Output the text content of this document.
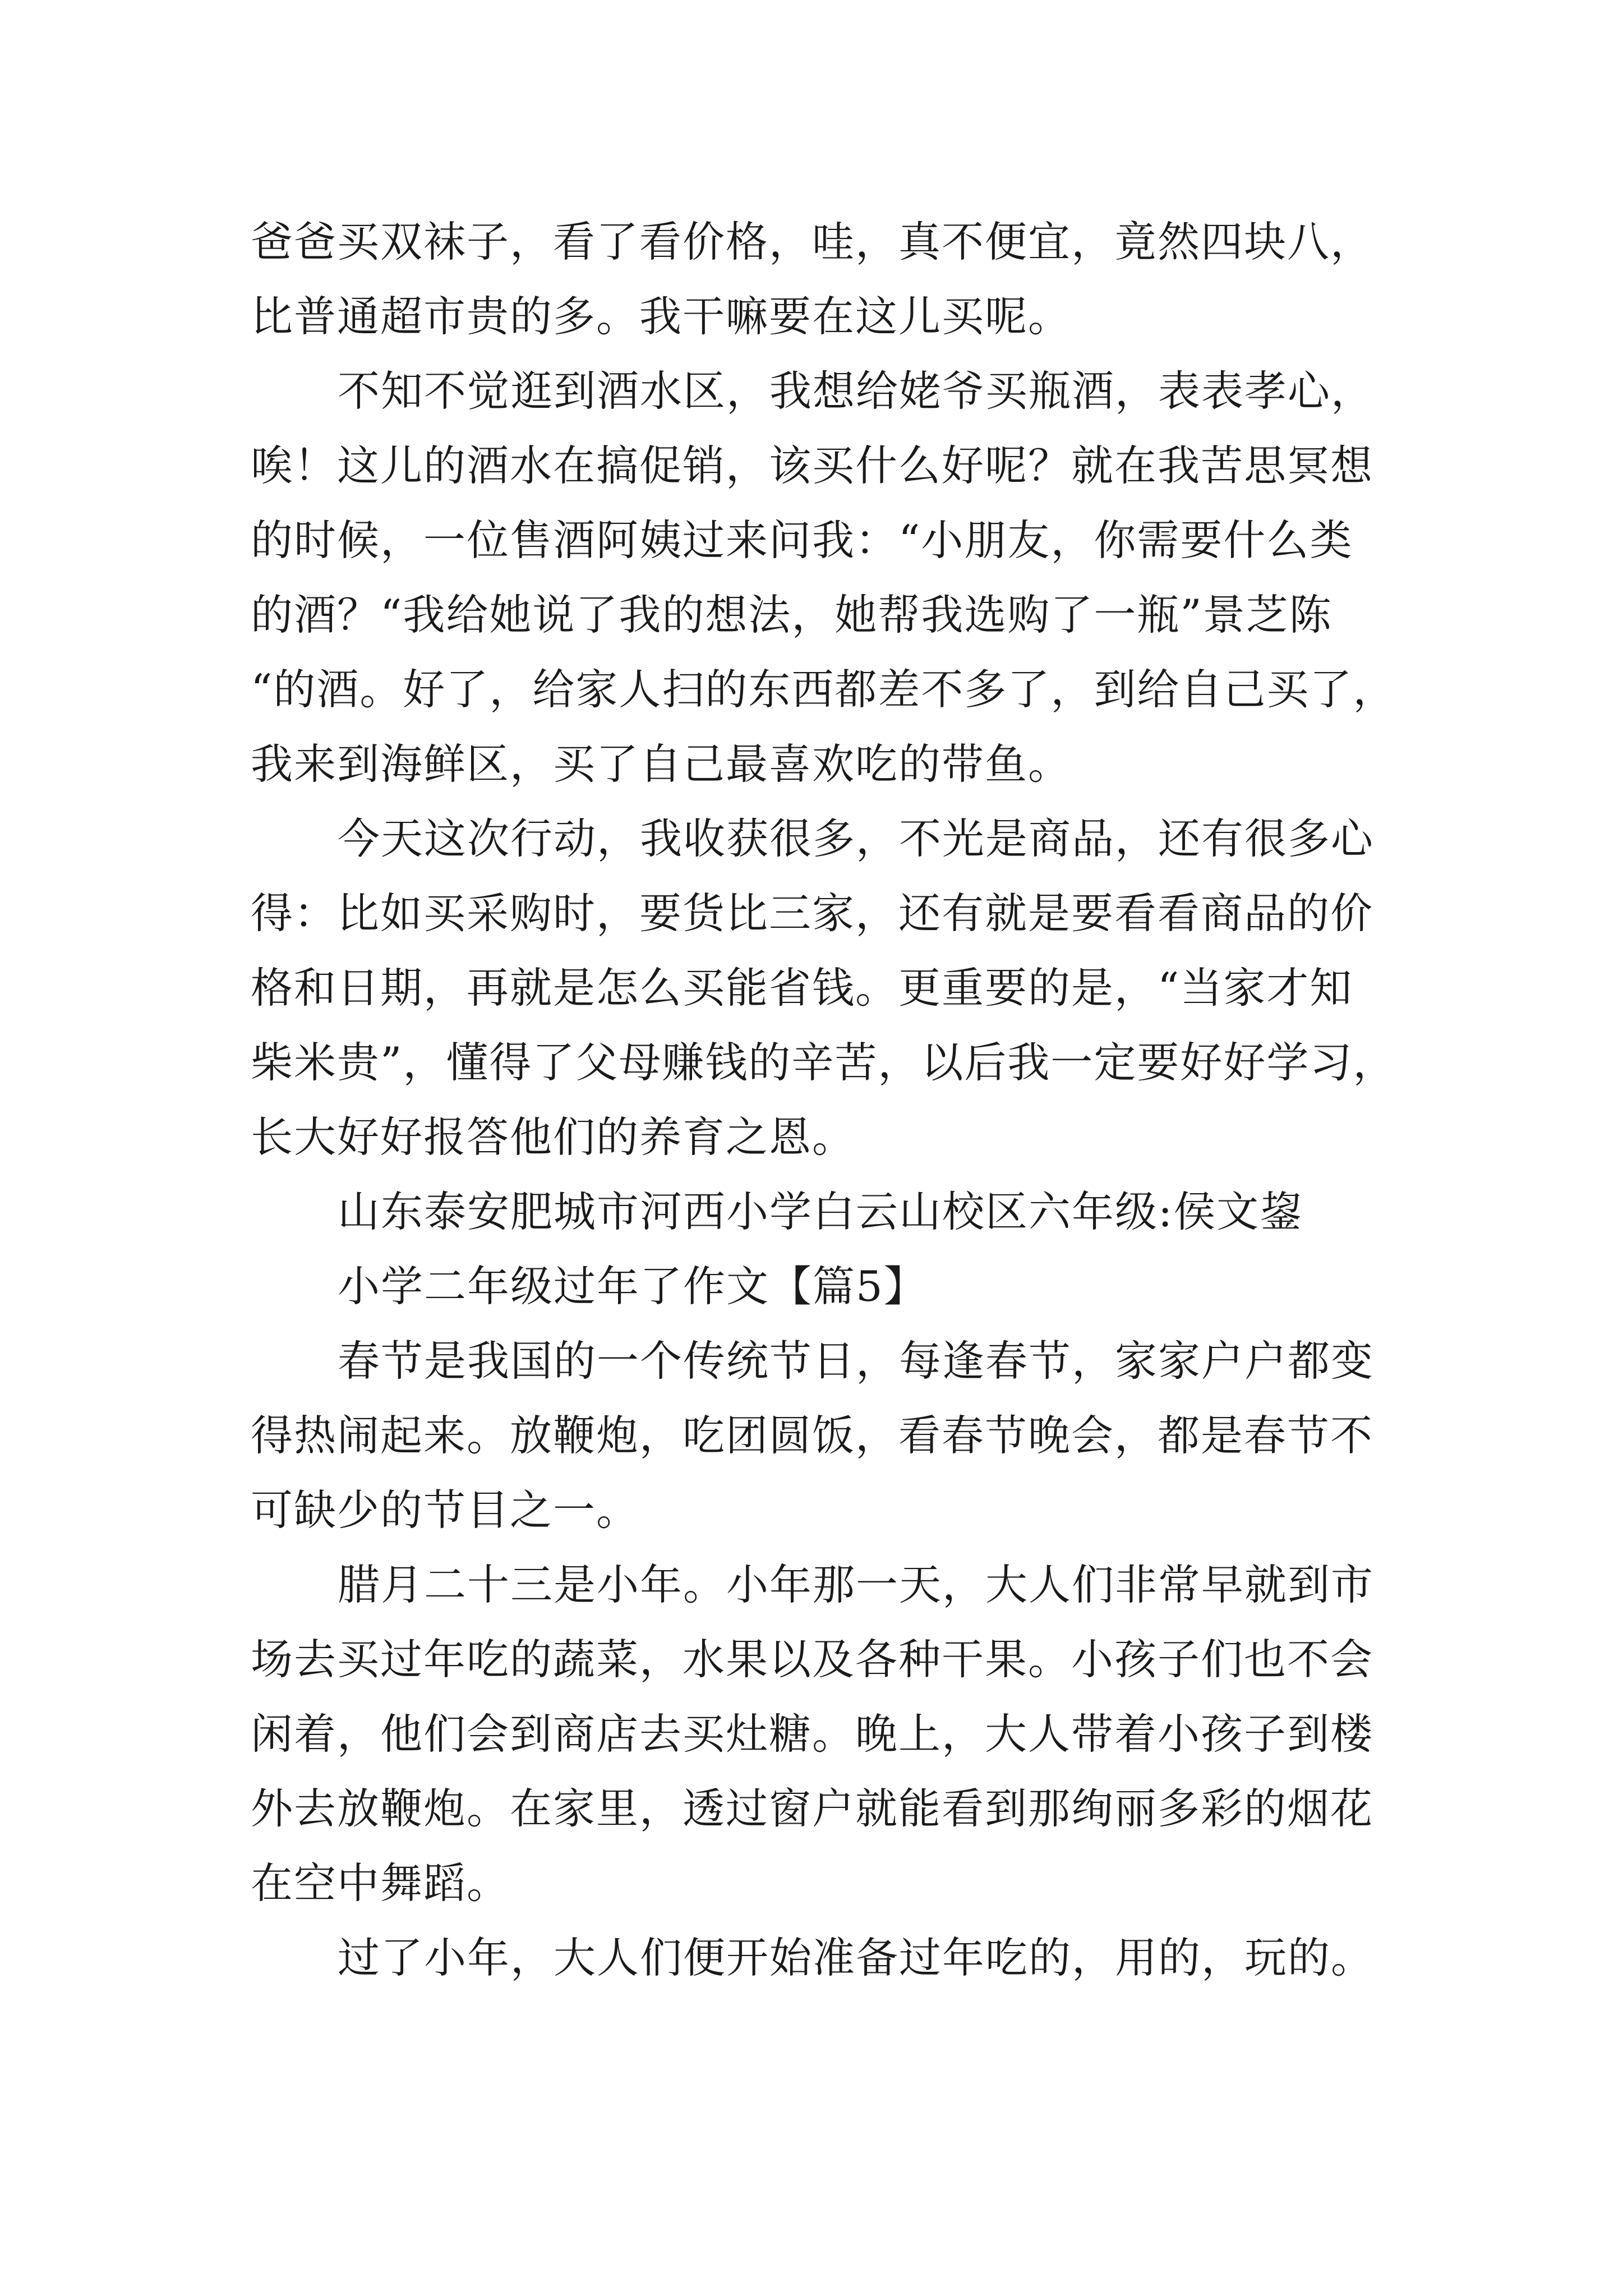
爸爸买双袜子，看了看价格，哇，真不便宜，竟然四块八，
比普通超市贵的多。我干嘛要在这儿买呢。
不知不觉逛到酒水区，我想给姥爷买瓶酒，表表孝心，
唉！这儿的酒水在搞促销，该买什么好呢？就在我苦思冥想
的时候，一位售酒阿姨过来问我：“小朋友，你需要什么类
的酒？“我给她说了我的想法，她帮我选购了一瓶”景芝陈
“的酒。好了，给家人扫的东西都差不多了，到给自己买了，
我来到海鲜区，买了自己最喜欢吃的带鱼。
今天这次行动，我收获很多，不光是商品，还有很多心
得：比如买采购时，要货比三家，还有就是要看看商品的价
格和日期，再就是怎么买能省钱。更重要的是，“当家才知
柴米贵”，懂得了父母赚钱的辛苦，以后我一定要好好学习，
长大好好报答他们的养育之恩。
山东泰安肥城市河西小学白云山校区六年级:侯文鋆
小学二年级过年了作文【篇5】
春节是我国的一个传统节日，每逢春节，家家户户都变
得热闹起来。放鞭炮，吃团圆饭，看春节晚会，都是春节不
可缺少的节目之一。
腊月二十三是小年。小年那一天，大人们非常早就到市
场去买过年吃的蔬菜，水果以及各种干果。小孩子们也不会
闲着，他们会到商店去买灶糖。晚上，大人带着小孩子到楼
外去放鞭炮。在家里，透过窗户就能看到那绚丽多彩的烟花
在空中舞蹈。
过了小年，大人们便开始准备过年吃的，用的，玩的。
